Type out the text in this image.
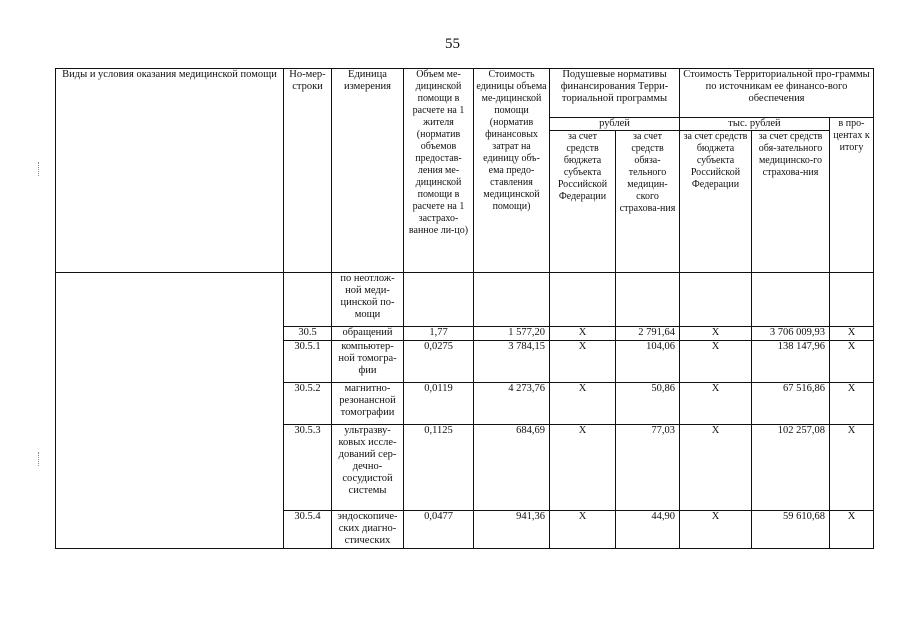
55
Виды и условия оказания медицинской помощи	Но-мер-строки	Единица измерения	Объем ме-дицинской помощи в расчете на 1 жителя (норматив объемов предостав-ления ме-дицинской помощи в расчете на 1 застрахо-ванное ли-цо)	Стоимость единицы объема ме-дицинской помощи (норматив финансовых затрат на единицу объ-ема предо-ставления медицинской помощи)	Подушевые нормативы финансирования Терри-ториальной программы		Стоимость Территориальной про-граммы по источникам ее финансо-вого обеспечения		
					рублей		тыс. рублей		в про-центах к итогу
					за счет средств бюджета субъекта Российской Федерации	за счет средств обяза-тельного медицин-ского страхова-ния	за счет средств бюджета субъекта Российской Федерации	за счет средств обя-зательного медицинско-го страхова-ния	
		по неотлож-ной меди-цинской по-мощи							
	30.5	обращений	1,77	1 577,20	X	2 791,64	X	3 706 009,93	X
	30.5.1	компьютер-ной томогра-фии	0,0275	3 784,15	X	104,06	X	138 147,96	X
	30.5.2	магнитно-резонансной томографии	0,0119	4 273,76	X	50,86	X	67 516,86	X
	30.5.3	ультразву-ковых иссле-дований сер-дечно-сосудистой системы	0,1125	684,69	X	77,03	X	102 257,08	X
	30.5.4	эндоскопиче-ских диагно-стических	0,0477	941,36	X	44,90	X	59 610,68	X
